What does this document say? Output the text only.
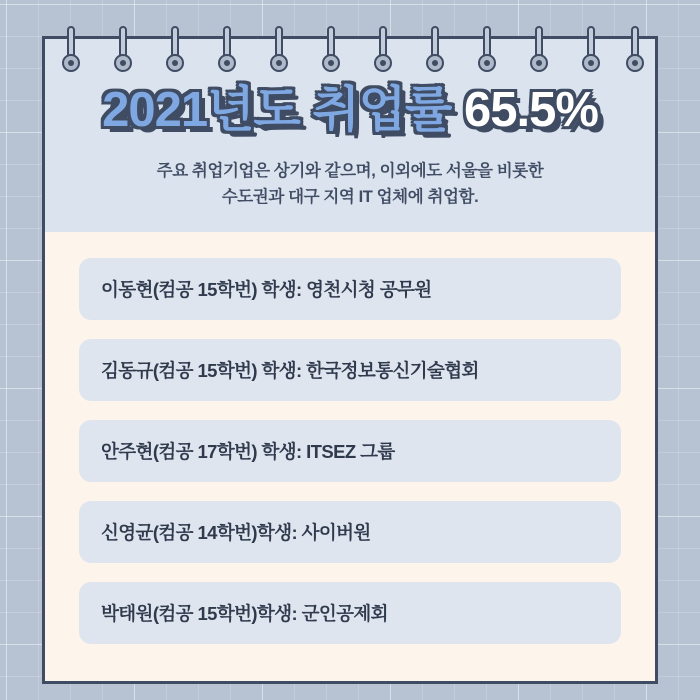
2021년도 취업률 65.5%
주요 취업기업은 상기와 같으며, 이외에도 서울을 비롯한
수도권과 대구 지역 IT 업체에 취업함.
이동현(컴공 15학번) 학생: 영천시청 공무원
김동규(컴공 15학번) 학생: 한국정보통신기술협회
안주현(컴공 17학번) 학생: ITSEZ 그룹
신영균(컴공 14학번)학생: 사이버원
박태원(컴공 15학번)학생: 군인공제회
